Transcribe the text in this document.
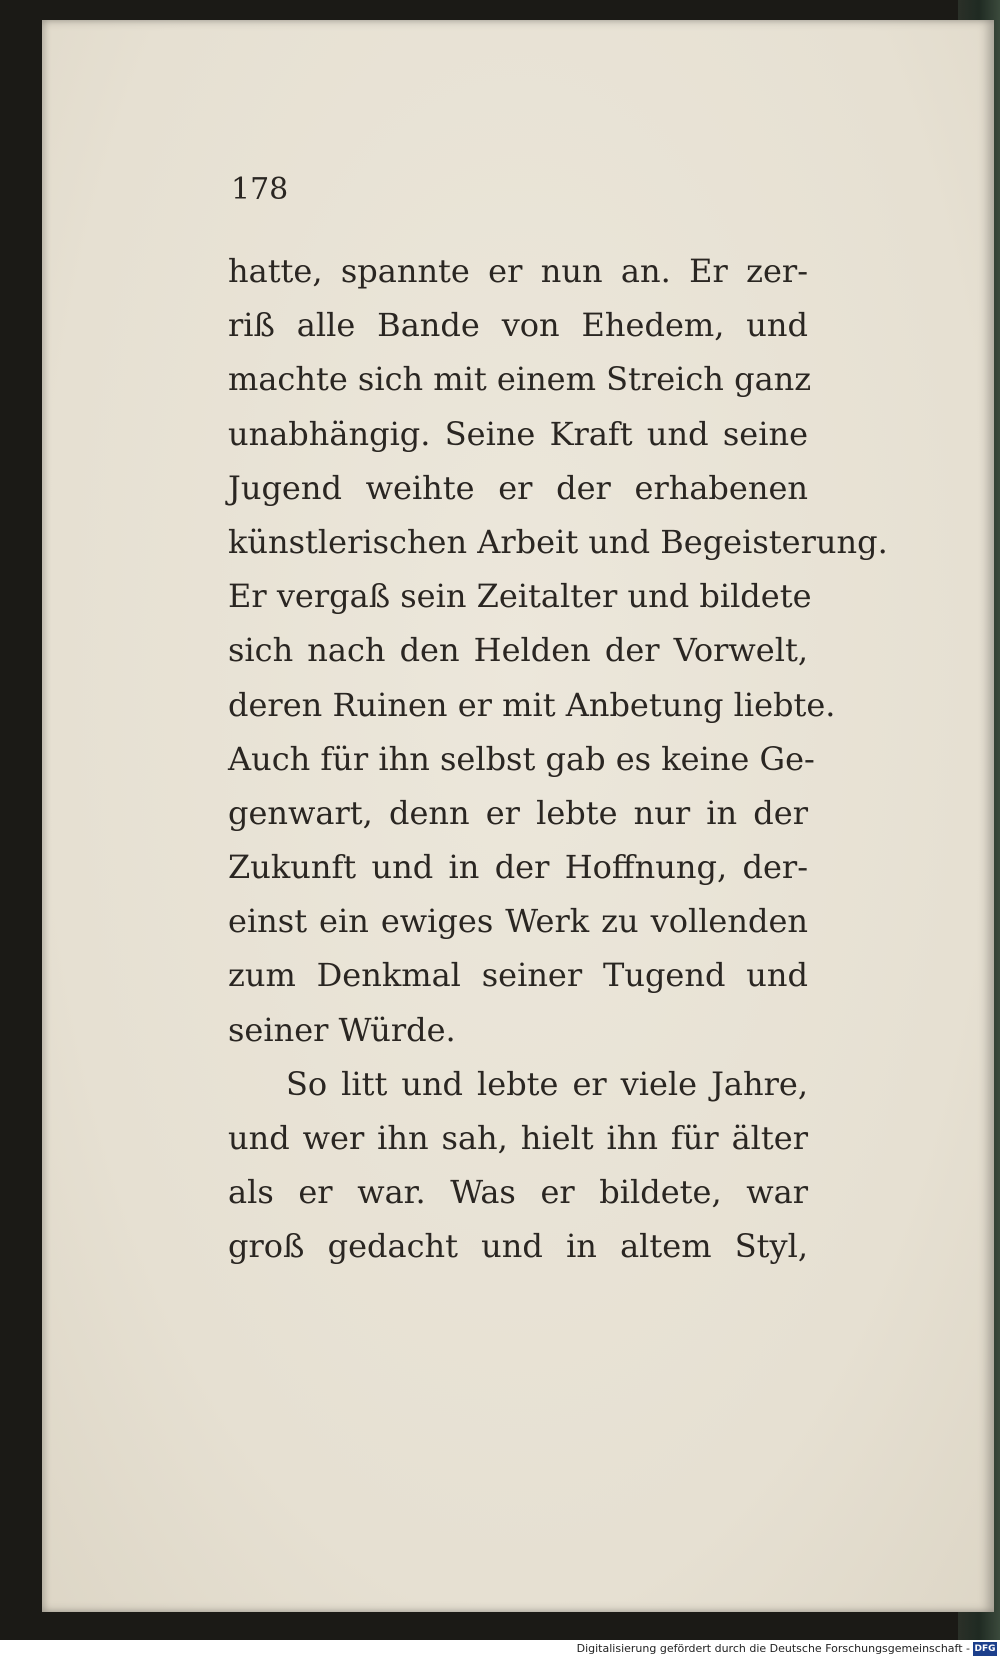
178
hatte, spannte er nun an. Er zer-
riß alle Bande von Ehedem, und
machte sich mit einem Streich ganz
unabhängig. Seine Kraft und seine
Jugend weihte er der erhabenen
künstlerischen Arbeit und Begeisterung.
Er vergaß sein Zeitalter und bildete
sich nach den Helden der Vorwelt,
deren Ruinen er mit Anbetung liebte.
Auch für ihn selbst gab es keine Ge-
genwart, denn er lebte nur in der
Zukunft und in der Hoffnung, der-
einst ein ewiges Werk zu vollenden
zum Denkmal seiner Tugend und
seiner Würde.
So litt und lebte er viele Jahre,
und wer ihn sah, hielt ihn für älter
als er war. Was er bildete, war
groß gedacht und in altem Styl,
Digitalisierung gefördert durch die Deutsche Forschungsgemeinschaft - DFG
